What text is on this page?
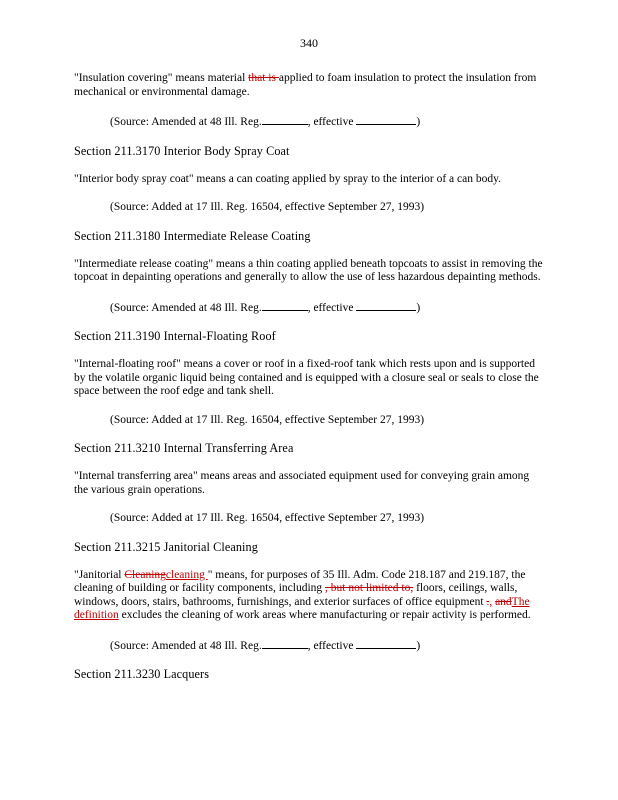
340

"Insulation covering" means material that is applied to foam insulation to protect the insulation from mechanical or environmental damage.

(Source: Amended at 48 Ill. Reg.	, effective	)

Section 211.3170 Interior Body Spray Coat

"Interior body spray coat" means a can coating applied by spray to the interior of a can body.

(Source: Added at 17 Ill. Reg. 16504, effective September 27, 1993)

Section 211.3180 Intermediate Release Coating

"Intermediate release coating" means a thin coating applied beneath topcoats to assist in removing the topcoat in depainting operations and generally to allow the use of less hazardous depainting methods.

(Source: Amended at 48 Ill. Reg.	, effective	)

Section 211.3190 Internal-Floating Roof

"Internal-floating roof" means a cover or roof in a fixed-roof tank which rests upon and is supported by the volatile organic liquid being contained and is equipped with a closure seal or seals to close the space between the roof edge and tank shell.

(Source: Added at 17 Ill. Reg. 16504, effective September 27, 1993)

Section 211.3210 Internal Transferring Area

"Internal transferring area" means areas and associated equipment used for conveying grain among the various grain operations.

(Source: Added at 17 Ill. Reg. 16504, effective September 27, 1993)

Section 211.3215 Janitorial Cleaning

"Janitorial Cleaningcleaning " means, for purposes of 35 Ill. Adm. Code 218.187 and 219.187, the cleaning of building or facility components, including , but not limited to, floors, ceilings, walls, windows, doors, stairs, bathrooms, furnishings, and exterior surfaces of office equipment ., andThe definition excludes the cleaning of work areas where manufacturing or repair activity is performed.

(Source: Amended at 48 Ill. Reg.	, effective	)

Section 211.3230 Lacquers
